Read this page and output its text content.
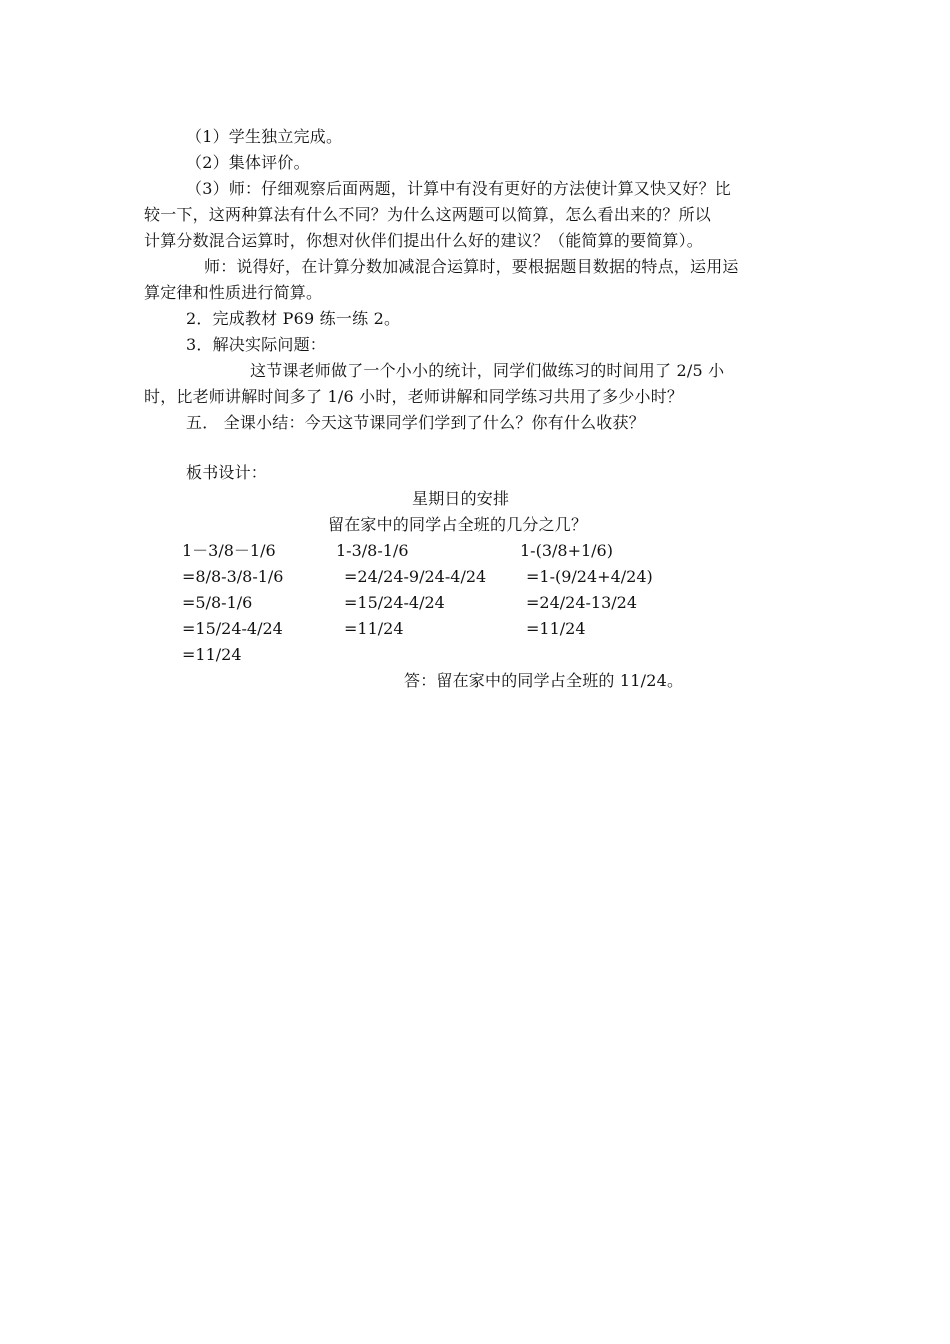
（1）学生独立完成。
（2）集体评价。
（3）师：仔细观察后面两题，计算中有没有更好的方法使计算又快又好？比
较一下，这两种算法有什么不同？为什么这两题可以简算，怎么看出来的？所以
计算分数混合运算时，你想对伙伴们提出什么好的建议？（能简算的要简算）。
师：说得好，在计算分数加减混合运算时，要根据题目数据的特点，运用运
算定律和性质进行简算。
2．完成教材 P69 练一练 2。
3．解决实际问题：
这节课老师做了一个小小的统计，同学们做练习的时间用了 2/5 小
时，比老师讲解时间多了 1/6 小时，老师讲解和同学练习共用了多少小时？
五． 全课小结：今天这节课同学们学到了什么？你有什么收获？
板书设计：
星期日的安排
留在家中的同学占全班的几分之几？
1－3/8－1/6
=8/8-3/8-1/6
=5/8-1/6
=15/24-4/24
=11/24
1-3/8-1/6
=24/24-9/24-4/24
=15/24-4/24
=11/24
1-(3/8+1/6)
=1-(9/24+4/24)
=24/24-13/24
=11/24
答：留在家中的同学占全班的 11/24。
